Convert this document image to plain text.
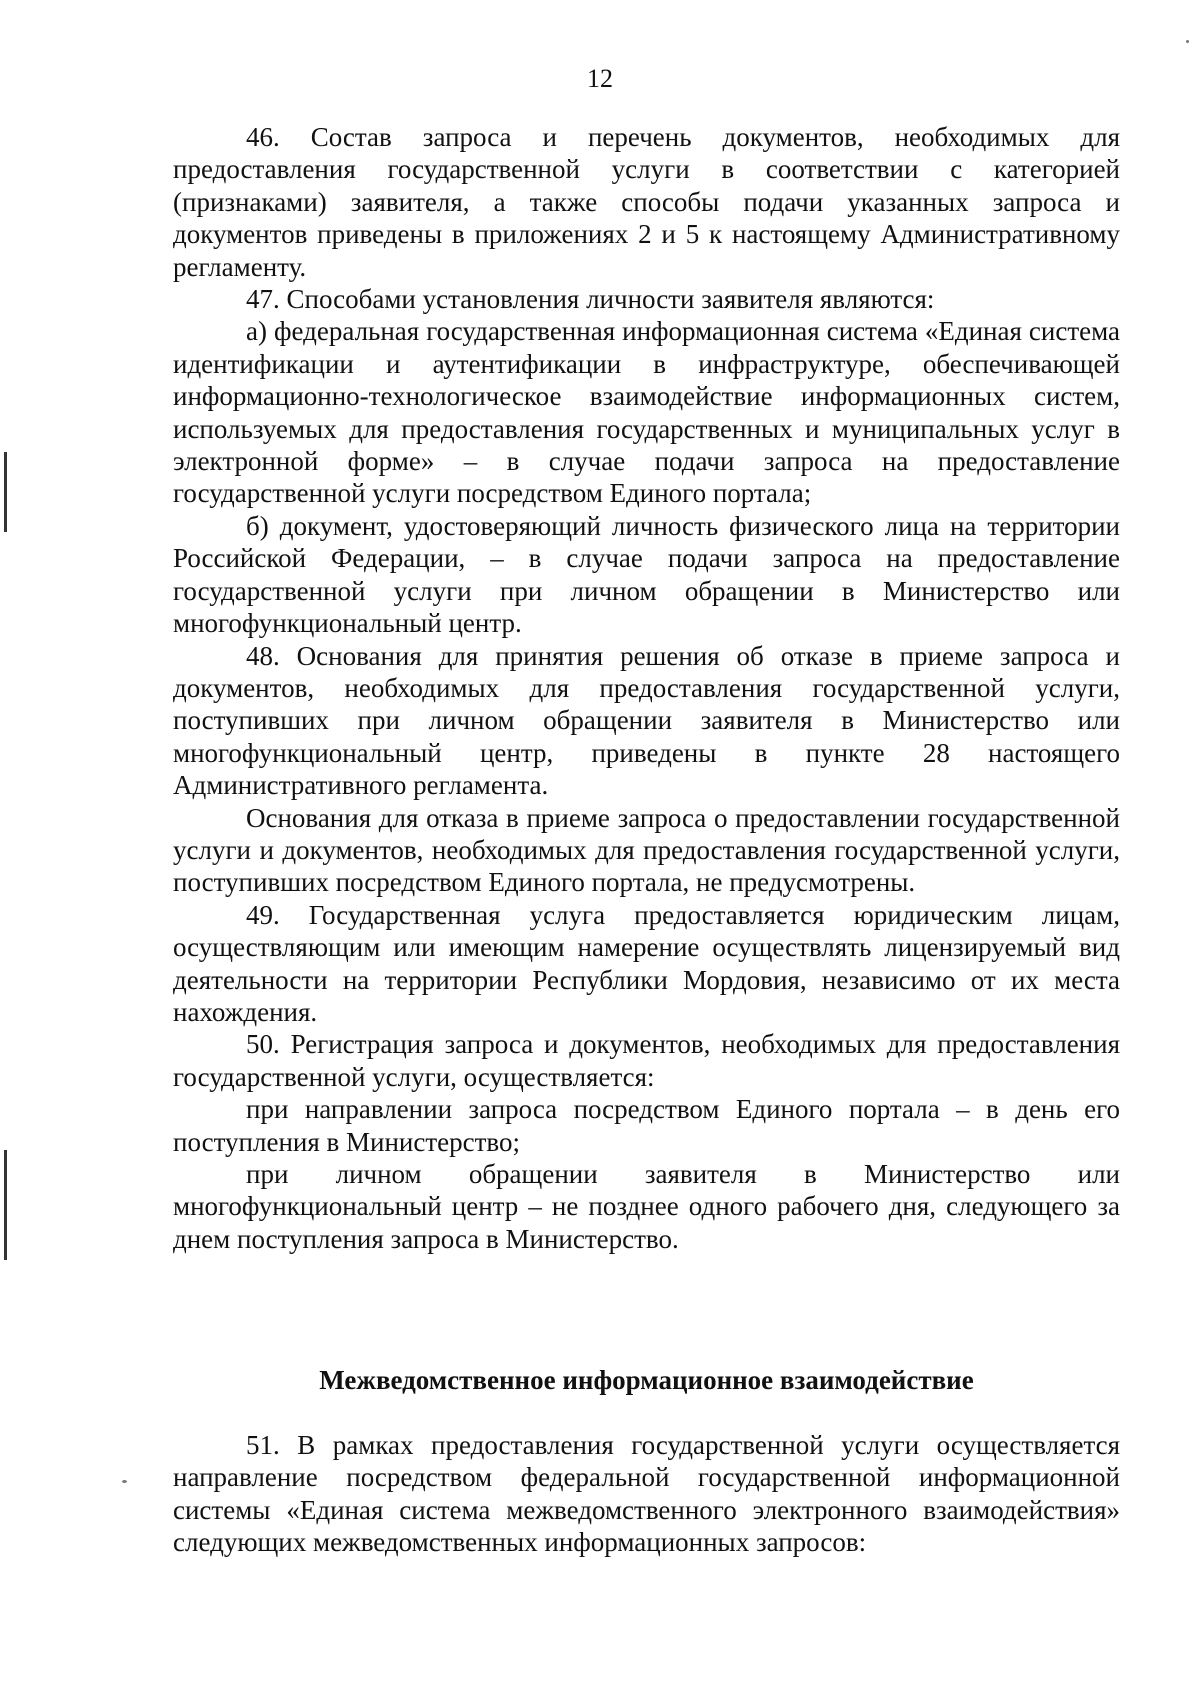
12

46. Состав запроса и перечень документов, необходимых для предоставления государственной услуги в соответствии с категорией (признаками) заявителя, а также способы подачи указанных запроса и документов приведены в приложениях 2 и 5 к настоящему Административному регламенту.

47. Способами установления личности заявителя являются:

а) федеральная государственная информационная система «Единая система идентификации и аутентификации в инфраструктуре, обеспечивающей информационно-технологическое взаимодействие информационных систем, используемых для предоставления государственных и муниципальных услуг в электронной форме» – в случае подачи запроса на предоставление государственной услуги посредством Единого портала;

б) документ, удостоверяющий личность физического лица на территории Российской Федерации, – в случае подачи запроса на предоставление государственной услуги при личном обращении в Министерство или многофункциональный центр.

48. Основания для принятия решения об отказе в приеме запроса и документов, необходимых для предоставления государственной услуги, поступивших при личном обращении заявителя в Министерство или многофункциональный центр, приведены в пункте 28 настоящего Административного регламента.

Основания для отказа в приеме запроса о предоставлении государственной услуги и документов, необходимых для предоставления государственной услуги, поступивших посредством Единого портала, не предусмотрены.

49. Государственная услуга предоставляется юридическим лицам, осуществляющим или имеющим намерение осуществлять лицензируемый вид деятельности на территории Республики Мордовия, независимо от их места нахождения.

50. Регистрация запроса и документов, необходимых для предоставления государственной услуги, осуществляется:

при направлении запроса посредством Единого портала – в день его поступления в Министерство;

при личном обращении заявителя в Министерство или многофункциональный центр – не позднее одного рабочего дня, следующего за днем поступления запроса в Министерство.

Межведомственное информационное взаимодействие

51. В рамках предоставления государственной услуги осуществляется направление посредством федеральной государственной информационной системы «Единая система межведомственного электронного взаимодействия» следующих межведомственных информационных запросов:
